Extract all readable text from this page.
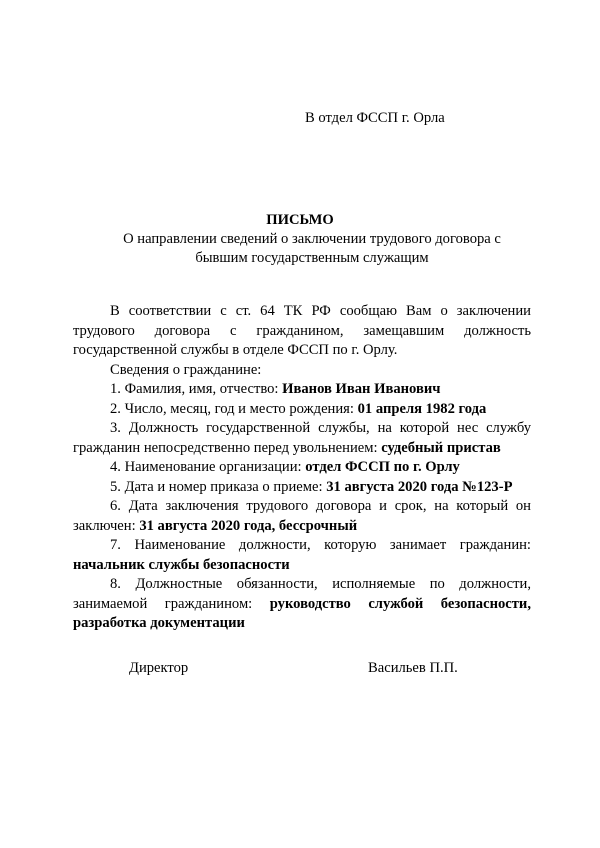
В отдел ФССП г. Орла
ПИСЬМО
О направлении сведений о заключении трудового договора с
бывшим государственным служащим

В соответствии с ст. 64 ТК РФ сообщаю Вам о заключении трудового договора с гражданином, замещавшим должность государственной службы в отделе ФССП по г. Орлу.

Сведения о гражданине:

1. Фамилия, имя, отчество: Иванов Иван Иванович

2. Число, месяц, год и место рождения: 01 апреля 1982 года

3. Должность государственной службы, на которой нес службу гражданин непосредственно перед увольнением: судебный пристав

4. Наименование организации: отдел ФССП по г. Орлу

5. Дата и номер приказа о приеме: 31 августа 2020 года №123-Р

6. Дата заключения трудового договора и срок, на который он заключен: 31 августа 2020 года, бессрочный

7. Наименование должности, которую занимает гражданин: начальник службы безопасности

8. Должностные обязанности, исполняемые по должности, занимаемой гражданином: руководство службой безопасности, разработка документации

Директор	Васильев П.П.
